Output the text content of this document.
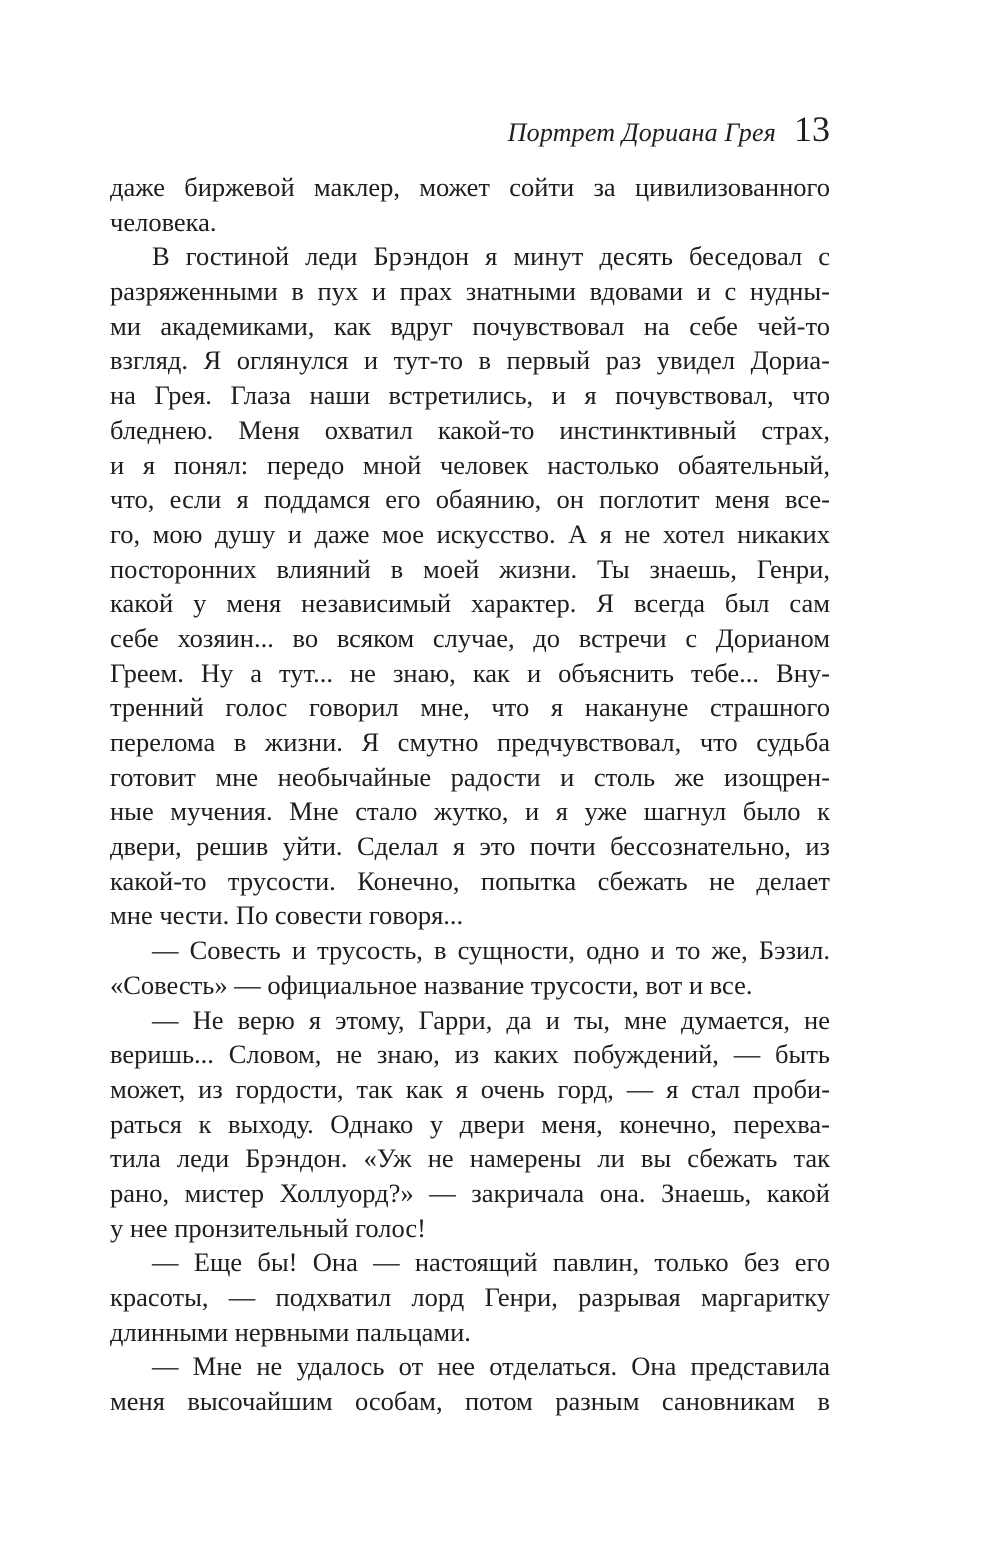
Портрет Дориана Грея 13
даже биржевой маклер, может сойти за цивилизованного
человека.
В гостиной леди Брэндон я минут десять беседовал с
разряженными в пух и прах знатными вдовами и с нудны-
ми академиками, как вдруг почувствовал на себе чей-то
взгляд. Я оглянулся и тут-то в первый раз увидел Дориа-
на Грея. Глаза наши встретились, и я почувствовал, что
бледнею. Меня охватил какой-то инстинктивный страх,
и я понял: передо мной человек настолько обаятельный,
что, если я поддамся его обаянию, он поглотит меня все-
го, мою душу и даже мое искусство. А я не хотел никаких
посторонних влияний в моей жизни. Ты знаешь, Генри,
какой у меня независимый характер. Я всегда был сам
себе хозяин... во всяком случае, до встречи с Дорианом
Греем. Ну а тут... не знаю, как и объяснить тебе... Вну-
тренний голос говорил мне, что я накануне страшного
перелома в жизни. Я смутно предчувствовал, что судьба
готовит мне необычайные радости и столь же изощрен-
ные мучения. Мне стало жутко, и я уже шагнул было к
двери, решив уйти. Сделал я это почти бессознательно, из
какой-то трусости. Конечно, попытка сбежать не делает
мне чести. По совести говоря...
— Совесть и трусость, в сущности, одно и то же, Бэзил.
«Совесть» — официальное название трусости, вот и все.
— Не верю я этому, Гарри, да и ты, мне думается, не
веришь... Словом, не знаю, из каких побуждений, — быть
может, из гордости, так как я очень горд, — я стал проби-
раться к выходу. Однако у двери меня, конечно, перехва-
тила леди Брэндон. «Уж не намерены ли вы сбежать так
рано, мистер Холлуорд?» — закричала она. Знаешь, какой
у нее пронзительный голос!
— Еще бы! Она — настоящий павлин, только без его
красоты, — подхватил лорд Генри, разрывая маргаритку
длинными нервными пальцами.
— Мне не удалось от нее отделаться. Она представила
меня высочайшим особам, потом разным сановникам в
